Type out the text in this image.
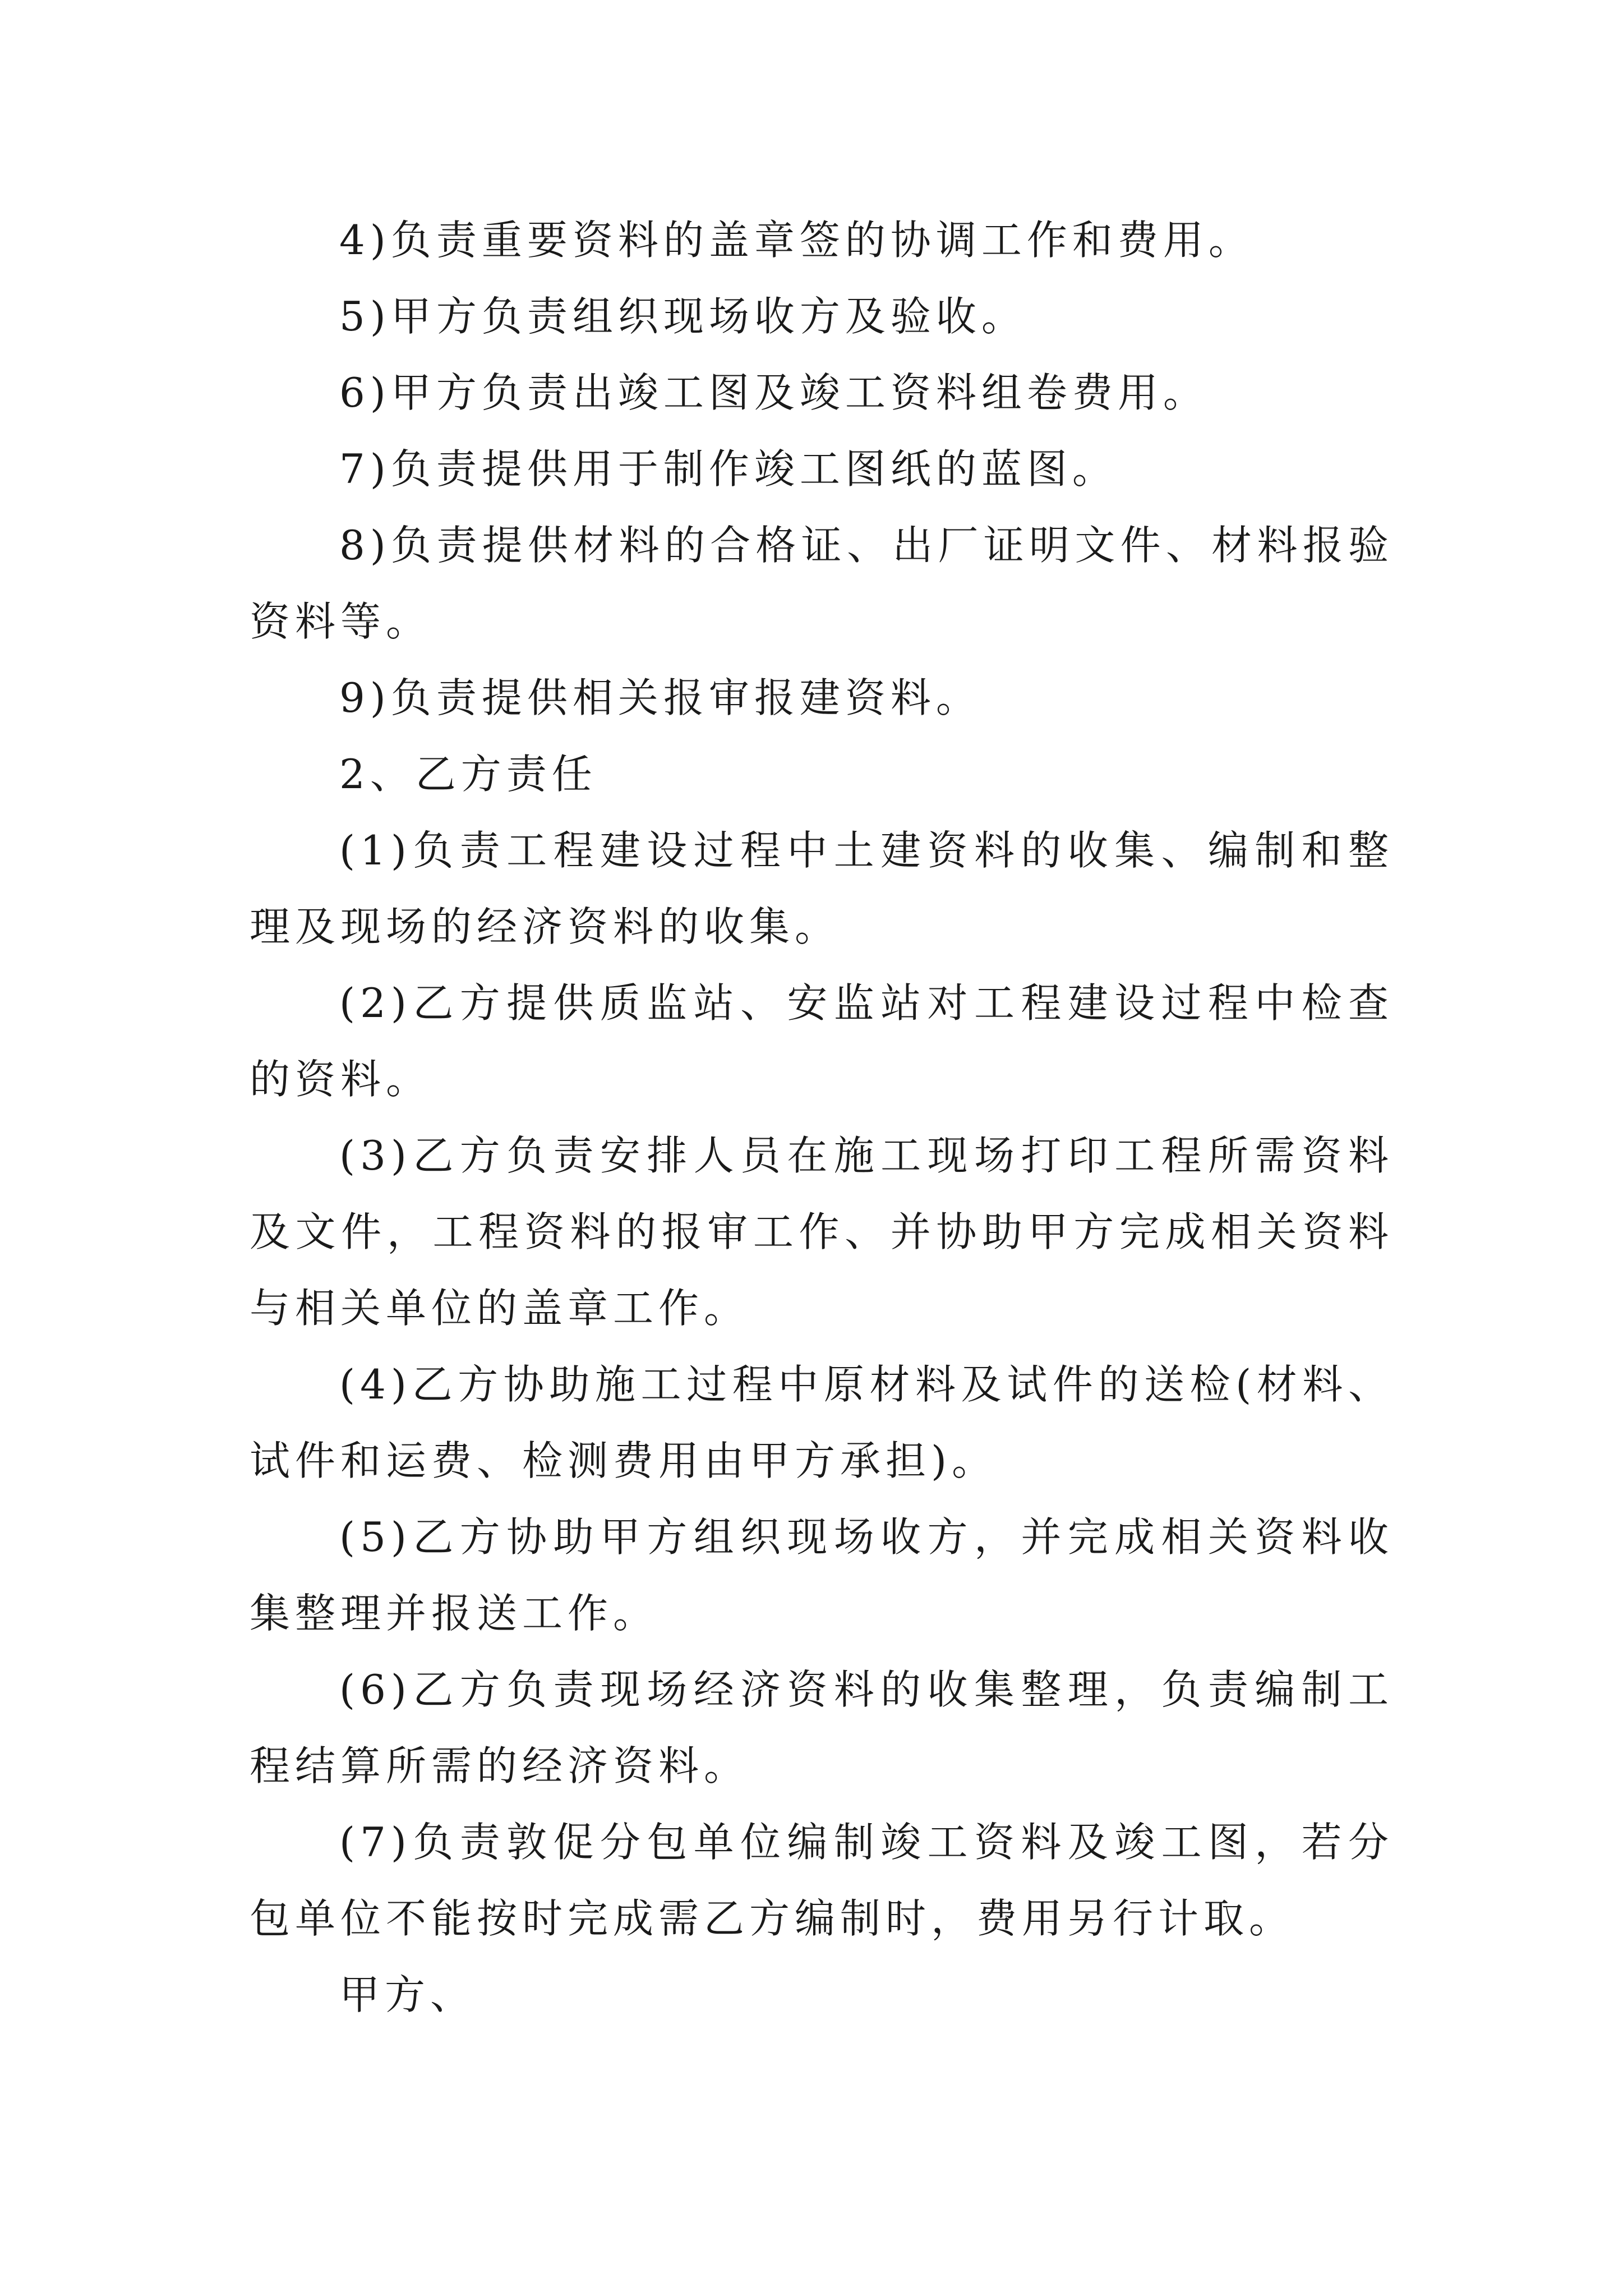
4)负责重要资料的盖章签的协调工作和费用。

5)甲方负责组织现场收方及验收。

6)甲方负责出竣工图及竣工资料组卷费用。

7)负责提供用于制作竣工图纸的蓝图。

8)负责提供材料的合格证、出厂证明文件、材料报验资料等。

9)负责提供相关报审报建资料。

2、乙方责任

(1)负责工程建设过程中土建资料的收集、编制和整理及现场的经济资料的收集。

(2)乙方提供质监站、安监站对工程建设过程中检查的资料。

(3)乙方负责安排人员在施工现场打印工程所需资料及文件，工程资料的报审工作、并协助甲方完成相关资料与相关单位的盖章工作。

(4)乙方协助施工过程中原材料及试件的送检(材料、试件和运费、检测费用由甲方承担)。

(5)乙方协助甲方组织现场收方，并完成相关资料收集整理并报送工作。

(6)乙方负责现场经济资料的收集整理，负责编制工程结算所需的经济资料。

(7)负责敦促分包单位编制竣工资料及竣工图，若分包单位不能按时完成需乙方编制时，费用另行计取。

甲方、
